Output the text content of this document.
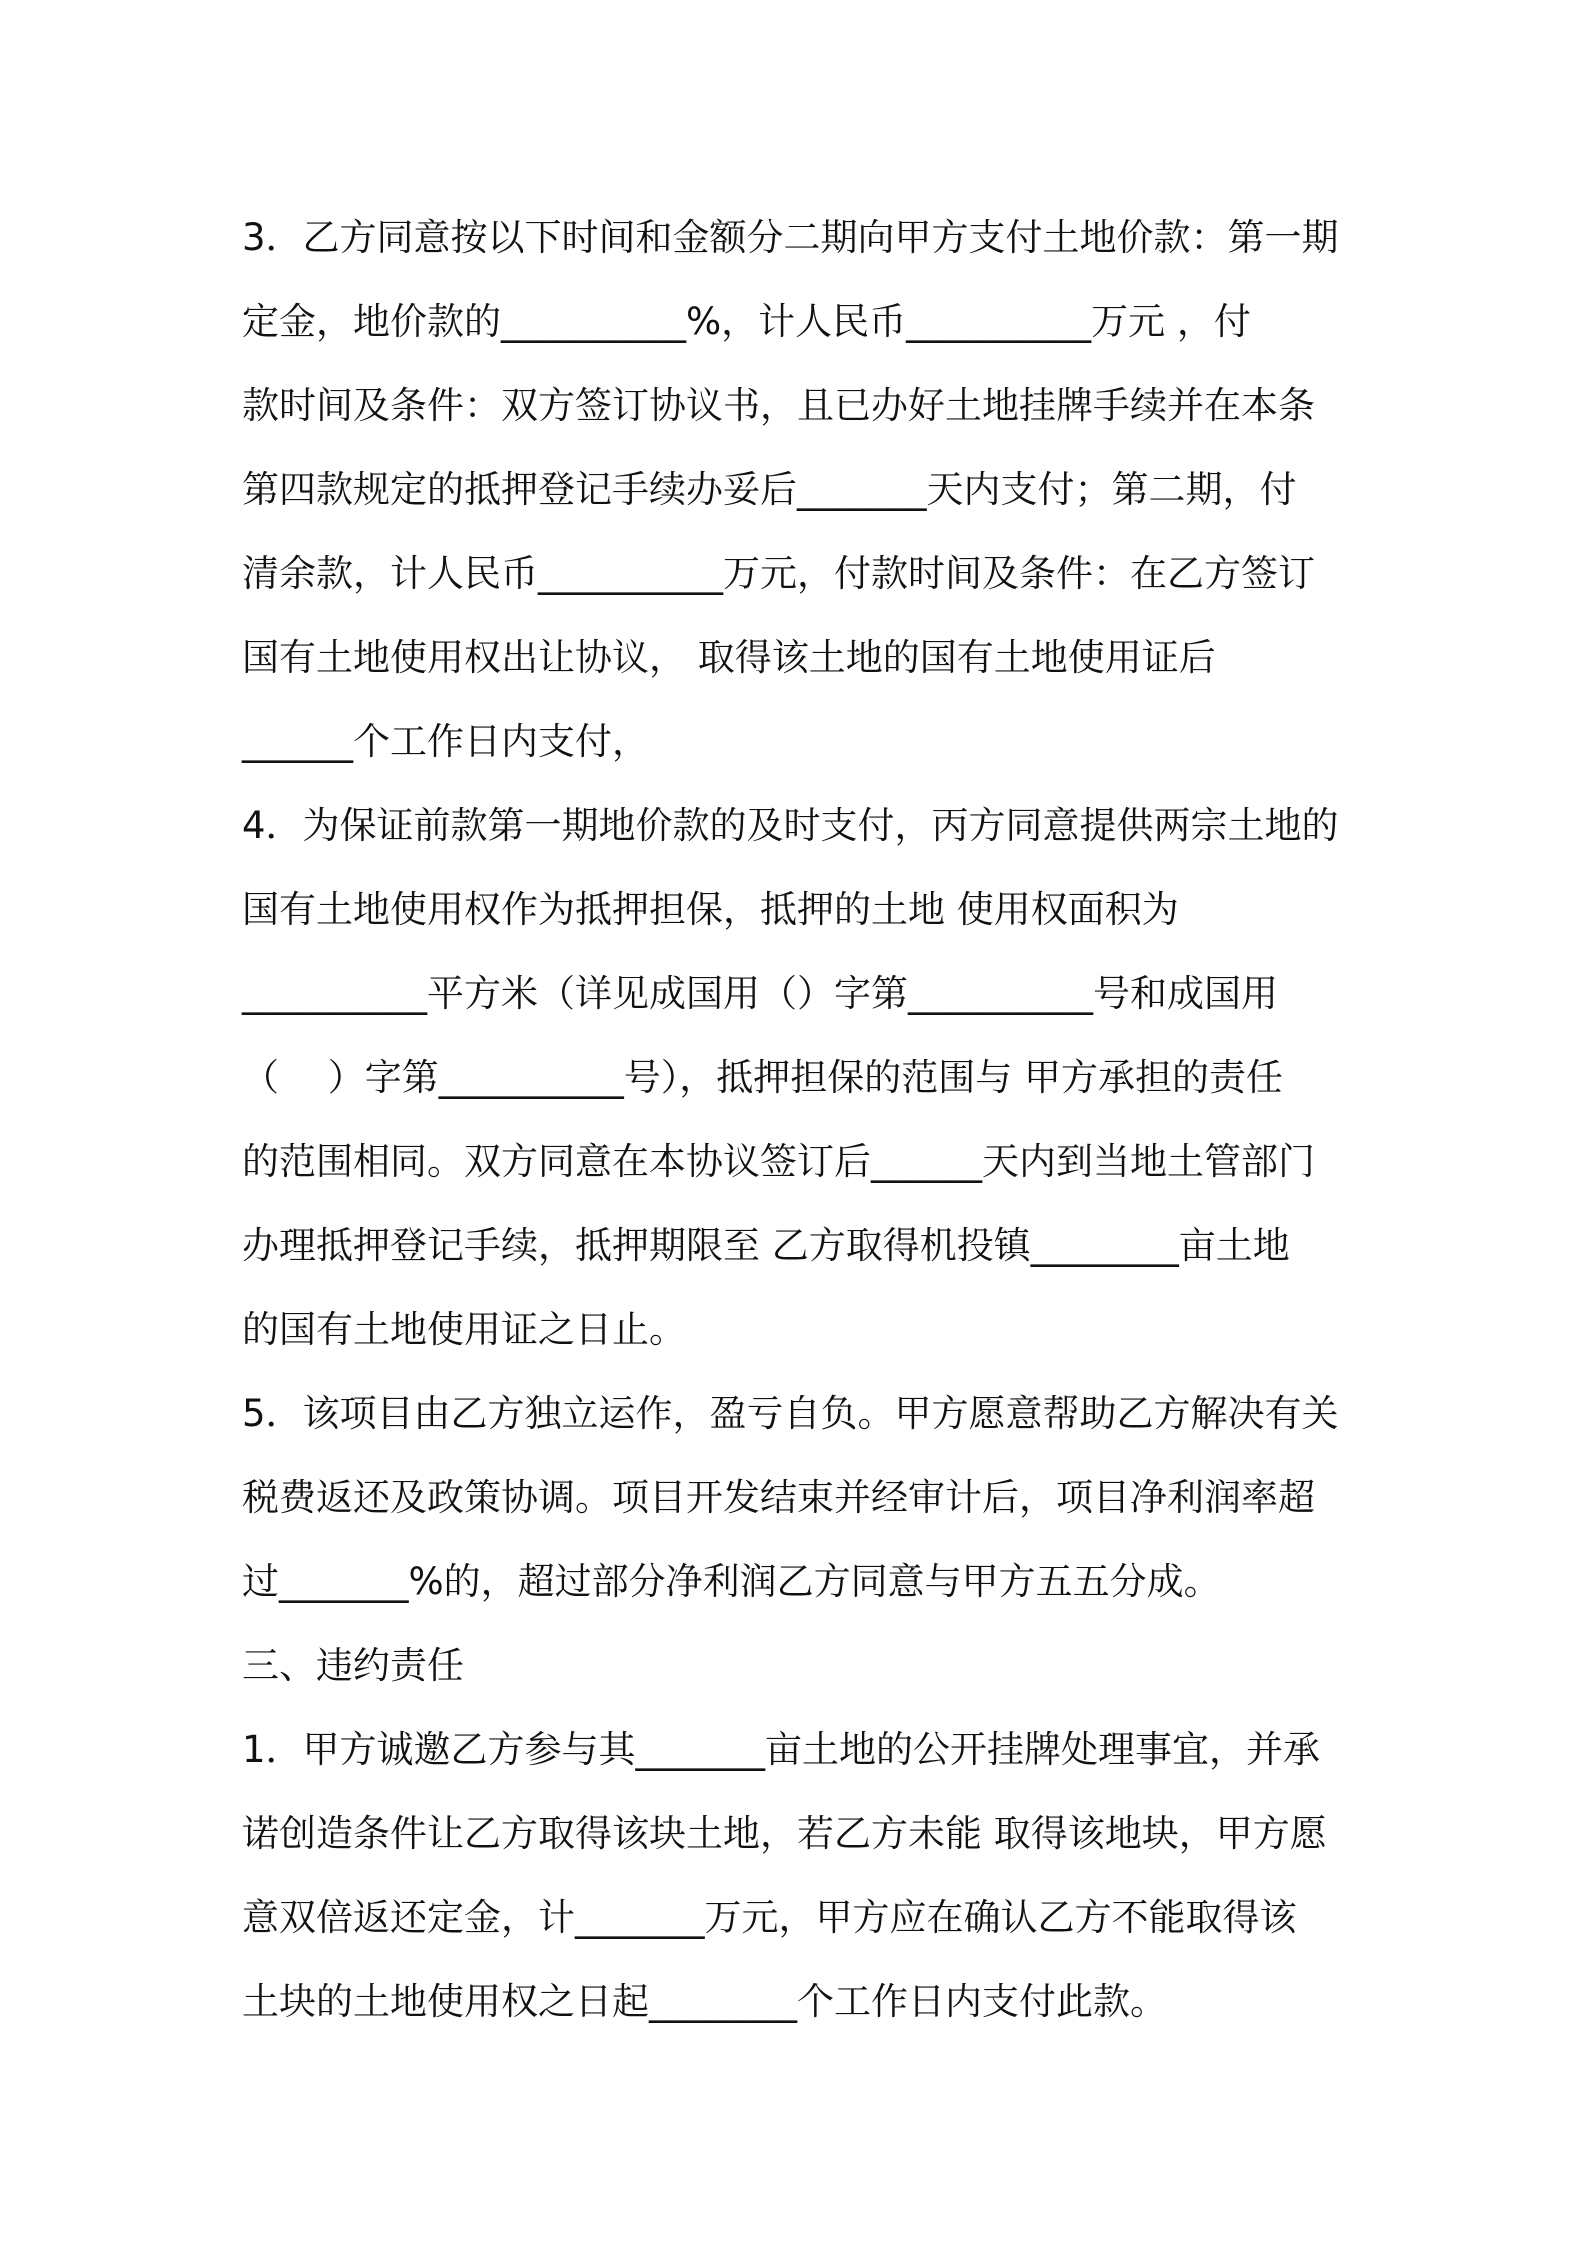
3．乙方同意按以下时间和金额分二期向甲方支付土地价款：第一期
定金，地价款的__________%，计人民币__________万元 ，付
款时间及条件：双方签订协议书，且已办好土地挂牌手续并在本条
第四款规定的抵押登记手续办妥后_______天内支付；第二期，付
清余款，计人民币__________万元，付款时间及条件：在乙方签订
国有土地使用权出让协议， 取得该土地的国有土地使用证后
______个工作日内支付，
4．为保证前款第一期地价款的及时支付，丙方同意提供两宗土地的
国有土地使用权作为抵押担保，抵押的土地 使用权面积为
__________平方米（详见成国用（）字第__________号和成国用
（　 ）字第__________号），抵押担保的范围与 甲方承担的责任
的范围相同。双方同意在本协议签订后______天内到当地土管部门
办理抵押登记手续，抵押期限至 乙方取得机投镇________亩土地
的国有土地使用证之日止。
5．该项目由乙方独立运作，盈亏自负。甲方愿意帮助乙方解决有关
税费返还及政策协调。项目开发结束并经审计后，项目净利润率超
过_______%的，超过部分净利润乙方同意与甲方五五分成。
三、违约责任
1．甲方诚邀乙方参与其_______亩土地的公开挂牌处理事宜，并承
诺创造条件让乙方取得该块土地，若乙方未能 取得该地块，甲方愿
意双倍返还定金，计_______万元，甲方应在确认乙方不能取得该
土块的土地使用权之日起________个工作日内支付此款。
